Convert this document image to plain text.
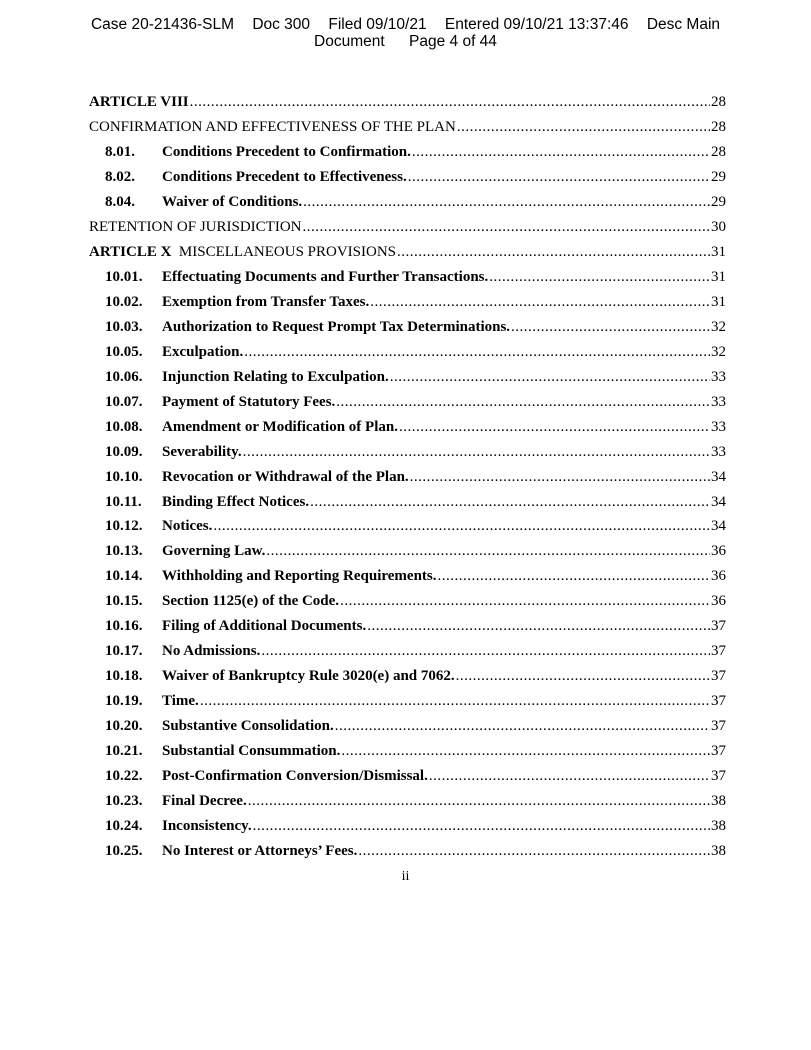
Case 20-21436-SLM Doc 300 Filed 09/10/21 Entered 09/10/21 13:37:46 Desc Main
Document Page 4 of 44
ARTICLE VIII .....	28
CONFIRMATION AND EFFECTIVENESS OF THE PLAN .....	28
8.01.	Conditions Precedent to Confirmation. .....	28
8.02.	Conditions Precedent to Effectiveness. .....	29
8.04.	Waiver of Conditions. .....	29
RETENTION OF JURISDICTION .....	30
ARTICLE X MISCELLANEOUS PROVISIONS .....	31
10.01.	Effectuating Documents and Further Transactions. .....	31
10.02.	Exemption from Transfer Taxes. .....	31
10.03.	Authorization to Request Prompt Tax Determinations. .....	32
10.05.	Exculpation. .....	32
10.06.	Injunction Relating to Exculpation. .....	33
10.07.	Payment of Statutory Fees. .....	33
10.08.	Amendment or Modification of Plan. .....	33
10.09.	Severability. .....	33
10.10.	Revocation or Withdrawal of the Plan. .....	34
10.11.	Binding Effect Notices. .....	34
10.12.	Notices. .....	34
10.13.	Governing Law. .....	36
10.14.	Withholding and Reporting Requirements. .....	36
10.15.	Section 1125(e) of the Code. .....	36
10.16.	Filing of Additional Documents. .....	37
10.17.	No Admissions. .....	37
10.18.	Waiver of Bankruptcy Rule 3020(e) and 7062. .....	37
10.19.	Time. .....	37
10.20.	Substantive Consolidation. .....	37
10.21.	Substantial Consummation. .....	37
10.22.	Post-Confirmation Conversion/Dismissal. .....	37
10.23.	Final Decree. .....	38
10.24.	Inconsistency. .....	38
10.25.	No Interest or Attorneys’ Fees. .....	38
ii
